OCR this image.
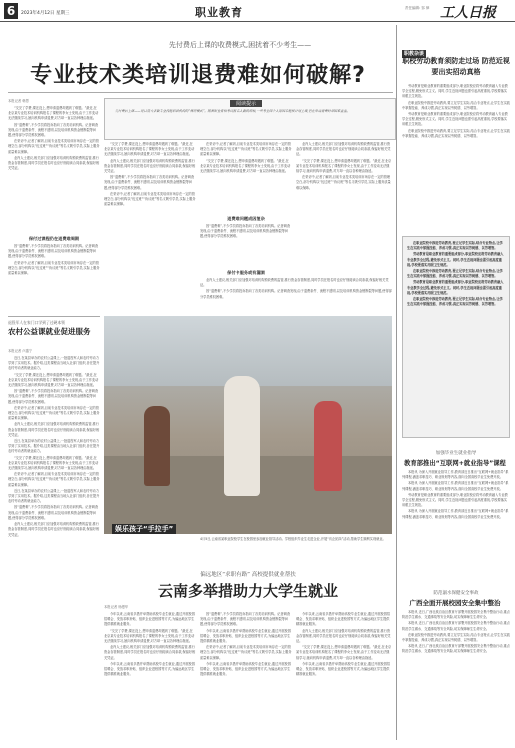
6	2023年4月12日 星期三	职业教育	责任编辑: 邹 律 工人日报
先付费后上课的收费模式,困扰着不少考生——
专业技术类培训退费难如何破解?
本报记者 韩思

“交完了学费,课还没上,想申请退费却遇到了难题。”最近,在北京某专业技术培训机构报名了课程的李女士发现,由于工作变动无法继续学习,她向机构申请退费,对方却一直以各种理由拖延。

因“退费难”,不少学员将投诉指向了各类培训机构。记者调查发现,由于退费条件、流程不透明,以及培训机构资金链断裂等问题,使得部分学员维权困难。

在采访中,记者了解到,目前专业技术类培训市场存在一定的管理空白,部分机构以“包过班”“协议班”等名义吸引学员,实际上服务质量难以保障。

业内人士建议,相关部门应加强对培训机构预收费的监管,推行资金存管制度,同时学员在报名时也应仔细阅读合同条款,保留好相关凭证。

保付过课程仍在退费难周期

因“退费难”,不少学员将投诉指向了各类培训机构。记者调查发现,由于退费条件、流程不透明,以及培训机构资金链断裂等问题,使得部分学员维权困难。

在采访中,记者了解到,目前专业技术类培训市场存在一定的管理空白,部分机构以“包过班”“协议班”等名义吸引学员,实际上服务质量难以保障。

阅读提示
先付费后上课——是目前大多数专业技能培训机构的“惯用模式”。随着职业资格考试报名人数的增加,一些考生因个人原因未能按计划上课,但在申请退费时却困难重重。

“交完了学费,课还没上,想申请退费却遇到了难题。”最近,在北京某专业技术培训机构报名了课程的李女士发现,由于工作变动无法继续学习,她向机构申请退费,对方却一直以各种理由拖延。

业内人士建议,相关部门应加强对培训机构预收费的监管,推行资金存管制度,同时学员在报名时也应仔细阅读合同条款,保留好相关凭证。

因“退费难”,不少学员将投诉指向了各类培训机构。记者调查发现,由于退费条件、流程不透明,以及培训机构资金链断裂等问题,使得部分学员维权困难。

在采访中,记者了解到,目前专业技术类培训市场存在一定的管理空白,部分机构以“包过班”“协议班”等名义吸引学员,实际上服务质量难以保障。

在采访中,记者了解到,目前专业技术类培训市场存在一定的管理空白,部分机构以“包过班”“协议班”等名义吸引学员,实际上服务质量难以保障。

“交完了学费,课还没上,想申请退费却遇到了难题。”最近,在北京某专业技术培训机构报名了课程的李女士发现,由于工作变动无法继续学习,她向机构申请退费,对方却一直以各种理由拖延。

退费难问题成因复杂

因“退费难”,不少学员将投诉指向了各类培训机构。记者调查发现,由于退费条件、流程不透明,以及培训机构资金链断裂等问题,使得部分学员维权困难。

业内人士建议,相关部门应加强对培训机构预收费的监管,推行资金存管制度,同时学员在报名时也应仔细阅读合同条款,保留好相关凭证。

“交完了学费,课还没上,想申请退费却遇到了难题。”最近,在北京某专业技术培训机构报名了课程的李女士发现,由于工作变动无法继续学习,她向机构申请退费,对方却一直以各种理由拖延。

在采访中,记者了解到,目前专业技术类培训市场存在一定的管理空白,部分机构以“包过班”“协议班”等名义吸引学员,实际上服务质量难以保障。

保付卡服务或有漏洞

业内人士建议,相关部门应加强对培训机构预收费的监管,推行资金存管制度,同时学员在报名时也应仔细阅读合同条款,保留好相关凭证。

因“退费难”,不少学员将投诉指向了各类培训机构。记者调查发现,由于退费条件、流程不透明,以及培训机构资金链断裂等问题,使得部分学员维权困难。

退役军人在家门口学到了过硬本领
农村公益课就业促进服务
本报记者 卢越宁

近日,在某县举办的农村公益课上,一批退役军人和农村劳动力学到了实用技术。据介绍,这类课程由当地人社部门组织,旨在提升农村劳动者的就业能力。

“交完了学费,课还没上,想申请退费却遇到了难题。”最近,在北京某专业技术培训机构报名了课程的李女士发现,由于工作变动无法继续学习,她向机构申请退费,对方却一直以各种理由拖延。

因“退费难”,不少学员将投诉指向了各类培训机构。记者调查发现,由于退费条件、流程不透明,以及培训机构资金链断裂等问题,使得部分学员维权困难。

在采访中,记者了解到,目前专业技术类培训市场存在一定的管理空白,部分机构以“包过班”“协议班”等名义吸引学员,实际上服务质量难以保障。

业内人士建议,相关部门应加强对培训机构预收费的监管,推行资金存管制度,同时学员在报名时也应仔细阅读合同条款,保留好相关凭证。

近日,在某县举办的农村公益课上,一批退役军人和农村劳动力学到了实用技术。据介绍,这类课程由当地人社部门组织,旨在提升农村劳动者的就业能力。

“交完了学费,课还没上,想申请退费却遇到了难题。”最近,在北京某专业技术培训机构报名了课程的李女士发现,由于工作变动无法继续学习,她向机构申请退费,对方却一直以各种理由拖延。

在采访中,记者了解到,目前专业技术类培训市场存在一定的管理空白,部分机构以“包过班”“协议班”等名义吸引学员,实际上服务质量难以保障。

近日,在某县举办的农村公益课上,一批退役军人和农村劳动力学到了实用技术。据介绍,这类课程由当地人社部门组织,旨在提升农村劳动者的就业能力。

因“退费难”,不少学员将投诉指向了各类培训机构。记者调查发现,由于退费条件、流程不透明,以及培训机构资金链断裂等问题,使得部分学员维权困难。

业内人士建议,相关部门应加强对培训机构预收费的监管,推行资金存管制度,同时学员在报名时也应仔细阅读合同条款,保留好相关凭证。

娱乐孩子“手拉手”
4月5日,云南省某职业院校学生在校园里参加就业指导活动。学校组织毕业生走进企业,开展“访企拓岗”活动,帮助学生顺利实现就业。
偏远地区“求职有路” 高校提供就业帮扶
云南多举措助力大学生就业
本报记者 杨漫华

今年以来,云南省多措并举帮助高校毕业生就业,通过开展校园招聘会、发放求职补贴、组织企业进校园等方式,为偏远地区学生提供精准就业服务。

“交完了学费,课还没上,想申请退费却遇到了难题。”最近,在北京某专业技术培训机构报名了课程的李女士发现,由于工作变动无法继续学习,她向机构申请退费,对方却一直以各种理由拖延。

业内人士建议,相关部门应加强对培训机构预收费的监管,推行资金存管制度,同时学员在报名时也应仔细阅读合同条款,保留好相关凭证。

今年以来,云南省多措并举帮助高校毕业生就业,通过开展校园招聘会、发放求职补贴、组织企业进校园等方式,为偏远地区学生提供精准就业服务。

因“退费难”,不少学员将投诉指向了各类培训机构。记者调查发现,由于退费条件、流程不透明,以及培训机构资金链断裂等问题,使得部分学员维权困难。

今年以来,云南省多措并举帮助高校毕业生就业,通过开展校园招聘会、发放求职补贴、组织企业进校园等方式,为偏远地区学生提供精准就业服务。

在采访中,记者了解到,目前专业技术类培训市场存在一定的管理空白,部分机构以“包过班”“协议班”等名义吸引学员,实际上服务质量难以保障。

今年以来,云南省多措并举帮助高校毕业生就业,通过开展校园招聘会、发放求职补贴、组织企业进校园等方式,为偏远地区学生提供精准就业服务。

今年以来,云南省多措并举帮助高校毕业生就业,通过开展校园招聘会、发放求职补贴、组织企业进校园等方式,为偏远地区学生提供精准就业服务。

业内人士建议,相关部门应加强对培训机构预收费的监管,推行资金存管制度,同时学员在报名时也应仔细阅读合同条款,保留好相关凭证。

“交完了学费,课还没上,想申请退费却遇到了难题。”最近,在北京某专业技术培训机构报名了课程的李女士发现,由于工作变动无法继续学习,她向机构申请退费,对方却一直以各种理由拖延。

今年以来,云南省多措并举帮助高校毕业生就业,通过开展校园招聘会、发放求职补贴、组织企业进校园等方式,为偏远地区学生提供精准就业服务。

职教杂谈
职校劳动教育须防走过场 防范近视要出实招动真格

劳动教育是职业教育的重要组成部分,职业院校应将劳动教育融入专业教学全过程,避免形式主义。同时,学生近视问题也需引起高度重视,学校要落实用眼卫生规范。

在职业院校中推进劳动教育,要立足学生实际,结合专业特点,让学生在实践中掌握技能、养成习惯,真正实现以劳树德、以劳增智。

劳动教育是职业教育的重要组成部分,职业院校应将劳动教育融入专业教学全过程,避免形式主义。同时,学生近视问题也需引起高度重视,学校要落实用眼卫生规范。

在职业院校中推进劳动教育,要立足学生实际,结合专业特点,让学生在实践中掌握技能、养成习惯,真正实现以劳树德、以劳增智。

在职业院校中推进劳动教育,要立足学生实际,结合专业特点,让学生在实践中掌握技能、养成习惯,真正实现以劳树德、以劳增智。

劳动教育是职业教育的重要组成部分,职业院校应将劳动教育融入专业教学全过程,避免形式主义。同时,学生近视问题也需引起高度重视,学校要落实用眼卫生规范。

在职业院校中推进劳动教育,要立足学生实际,结合专业特点,让学生在实践中掌握技能、养成习惯,真正实现以劳树德、以劳增智。

劳动教育是职业教育的重要组成部分,职业院校应将劳动教育融入专业教学全过程,避免形式主义。同时,学生近视问题也需引起高度重视,学校要落实用眼卫生规范。

在职业院校中推进劳动教育,要立足学生实际,结合专业特点,让学生在实践中掌握技能、养成习惯,真正实现以劳树德、以劳增智。

加强毕业生就业指导
教育部推出“互联网+就业指导”课程

本报讯 为深入开展就业指导工作,教育部近日推出“互联网+就业指导”系列课程,涵盖求职技巧、职业规划等内容,面向全国高校毕业生免费开放。

本报讯 为深入开展就业指导工作,教育部近日推出“互联网+就业指导”系列课程,涵盖求职技巧、职业规划等内容,面向全国高校毕业生免费开放。

劳动教育是职业教育的重要组成部分,职业院校应将劳动教育融入专业教学全过程,避免形式主义。同时,学生近视问题也需引起高度重视,学校要落实用眼卫生规范。

本报讯 为深入开展就业指导工作,教育部近日推出“互联网+就业指导”系列课程,涵盖求职技巧、职业规划等内容,面向全国高校毕业生免费开放。

防范溺水保健安全事故
广西全面开展校园安全集中整治

本报讯 近日,广西壮族自治区教育厅部署开展校园安全集中整治行动,重点防范学生溺水、交通事故等安全风险,切实保障师生生命安全。

本报讯 近日,广西壮族自治区教育厅部署开展校园安全集中整治行动,重点防范学生溺水、交通事故等安全风险,切实保障师生生命安全。

在职业院校中推进劳动教育,要立足学生实际,结合专业特点,让学生在实践中掌握技能、养成习惯,真正实现以劳树德、以劳增智。

本报讯 近日,广西壮族自治区教育厅部署开展校园安全集中整治行动,重点防范学生溺水、交通事故等安全风险,切实保障师生生命安全。
